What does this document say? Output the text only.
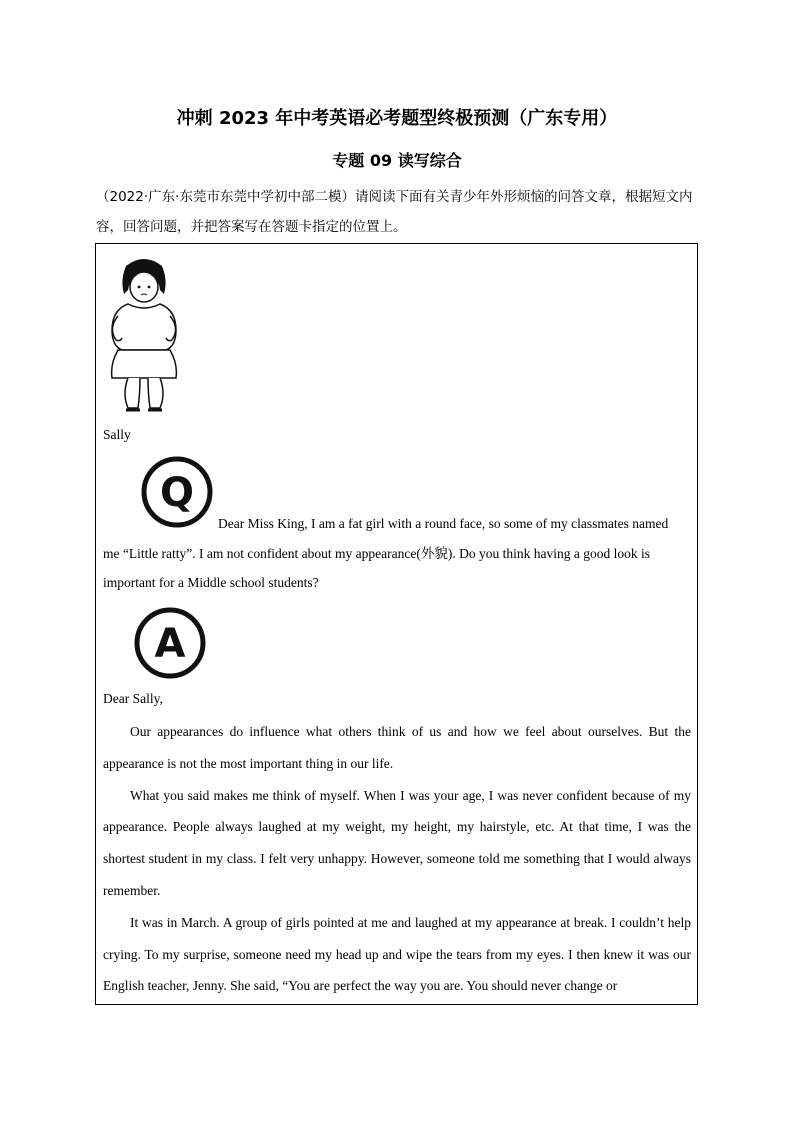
冲刺 2023 年中考英语必考题型终极预测（广东专用）
专题 09 读写综合
（2022·广东·东莞市东莞中学初中部二模）请阅读下面有关青少年外形烦恼的问答文章，根据短文内容，回答问题，并把答案写在答题卡指定的位置上。
Sally
Q
Dear Miss King, I am a fat girl with a round face, so some of my classmates named
me “Little ratty”. I am not confident about my appearance(外貌). Do you think having a good look is
important for a Middle school students?
A
Dear Sally,

Our appearances do influence what others think of us and how we feel about ourselves. But the appearance is not the most important thing in our life.

What you said makes me think of myself. When I was your age, I was never confident because of my appearance. People always laughed at my weight, my height, my hairstyle, etc. At that time, I was the shortest student in my class. I felt very unhappy. However, someone told me something that I would always remember.

It was in March. A group of girls pointed at me and laughed at my appearance at break. I couldn’t help crying. To my surprise, someone need my head up and wipe the tears from my eyes. I then knew it was our English teacher, Jenny. She said, “You are perfect the way you are. You should never change or
